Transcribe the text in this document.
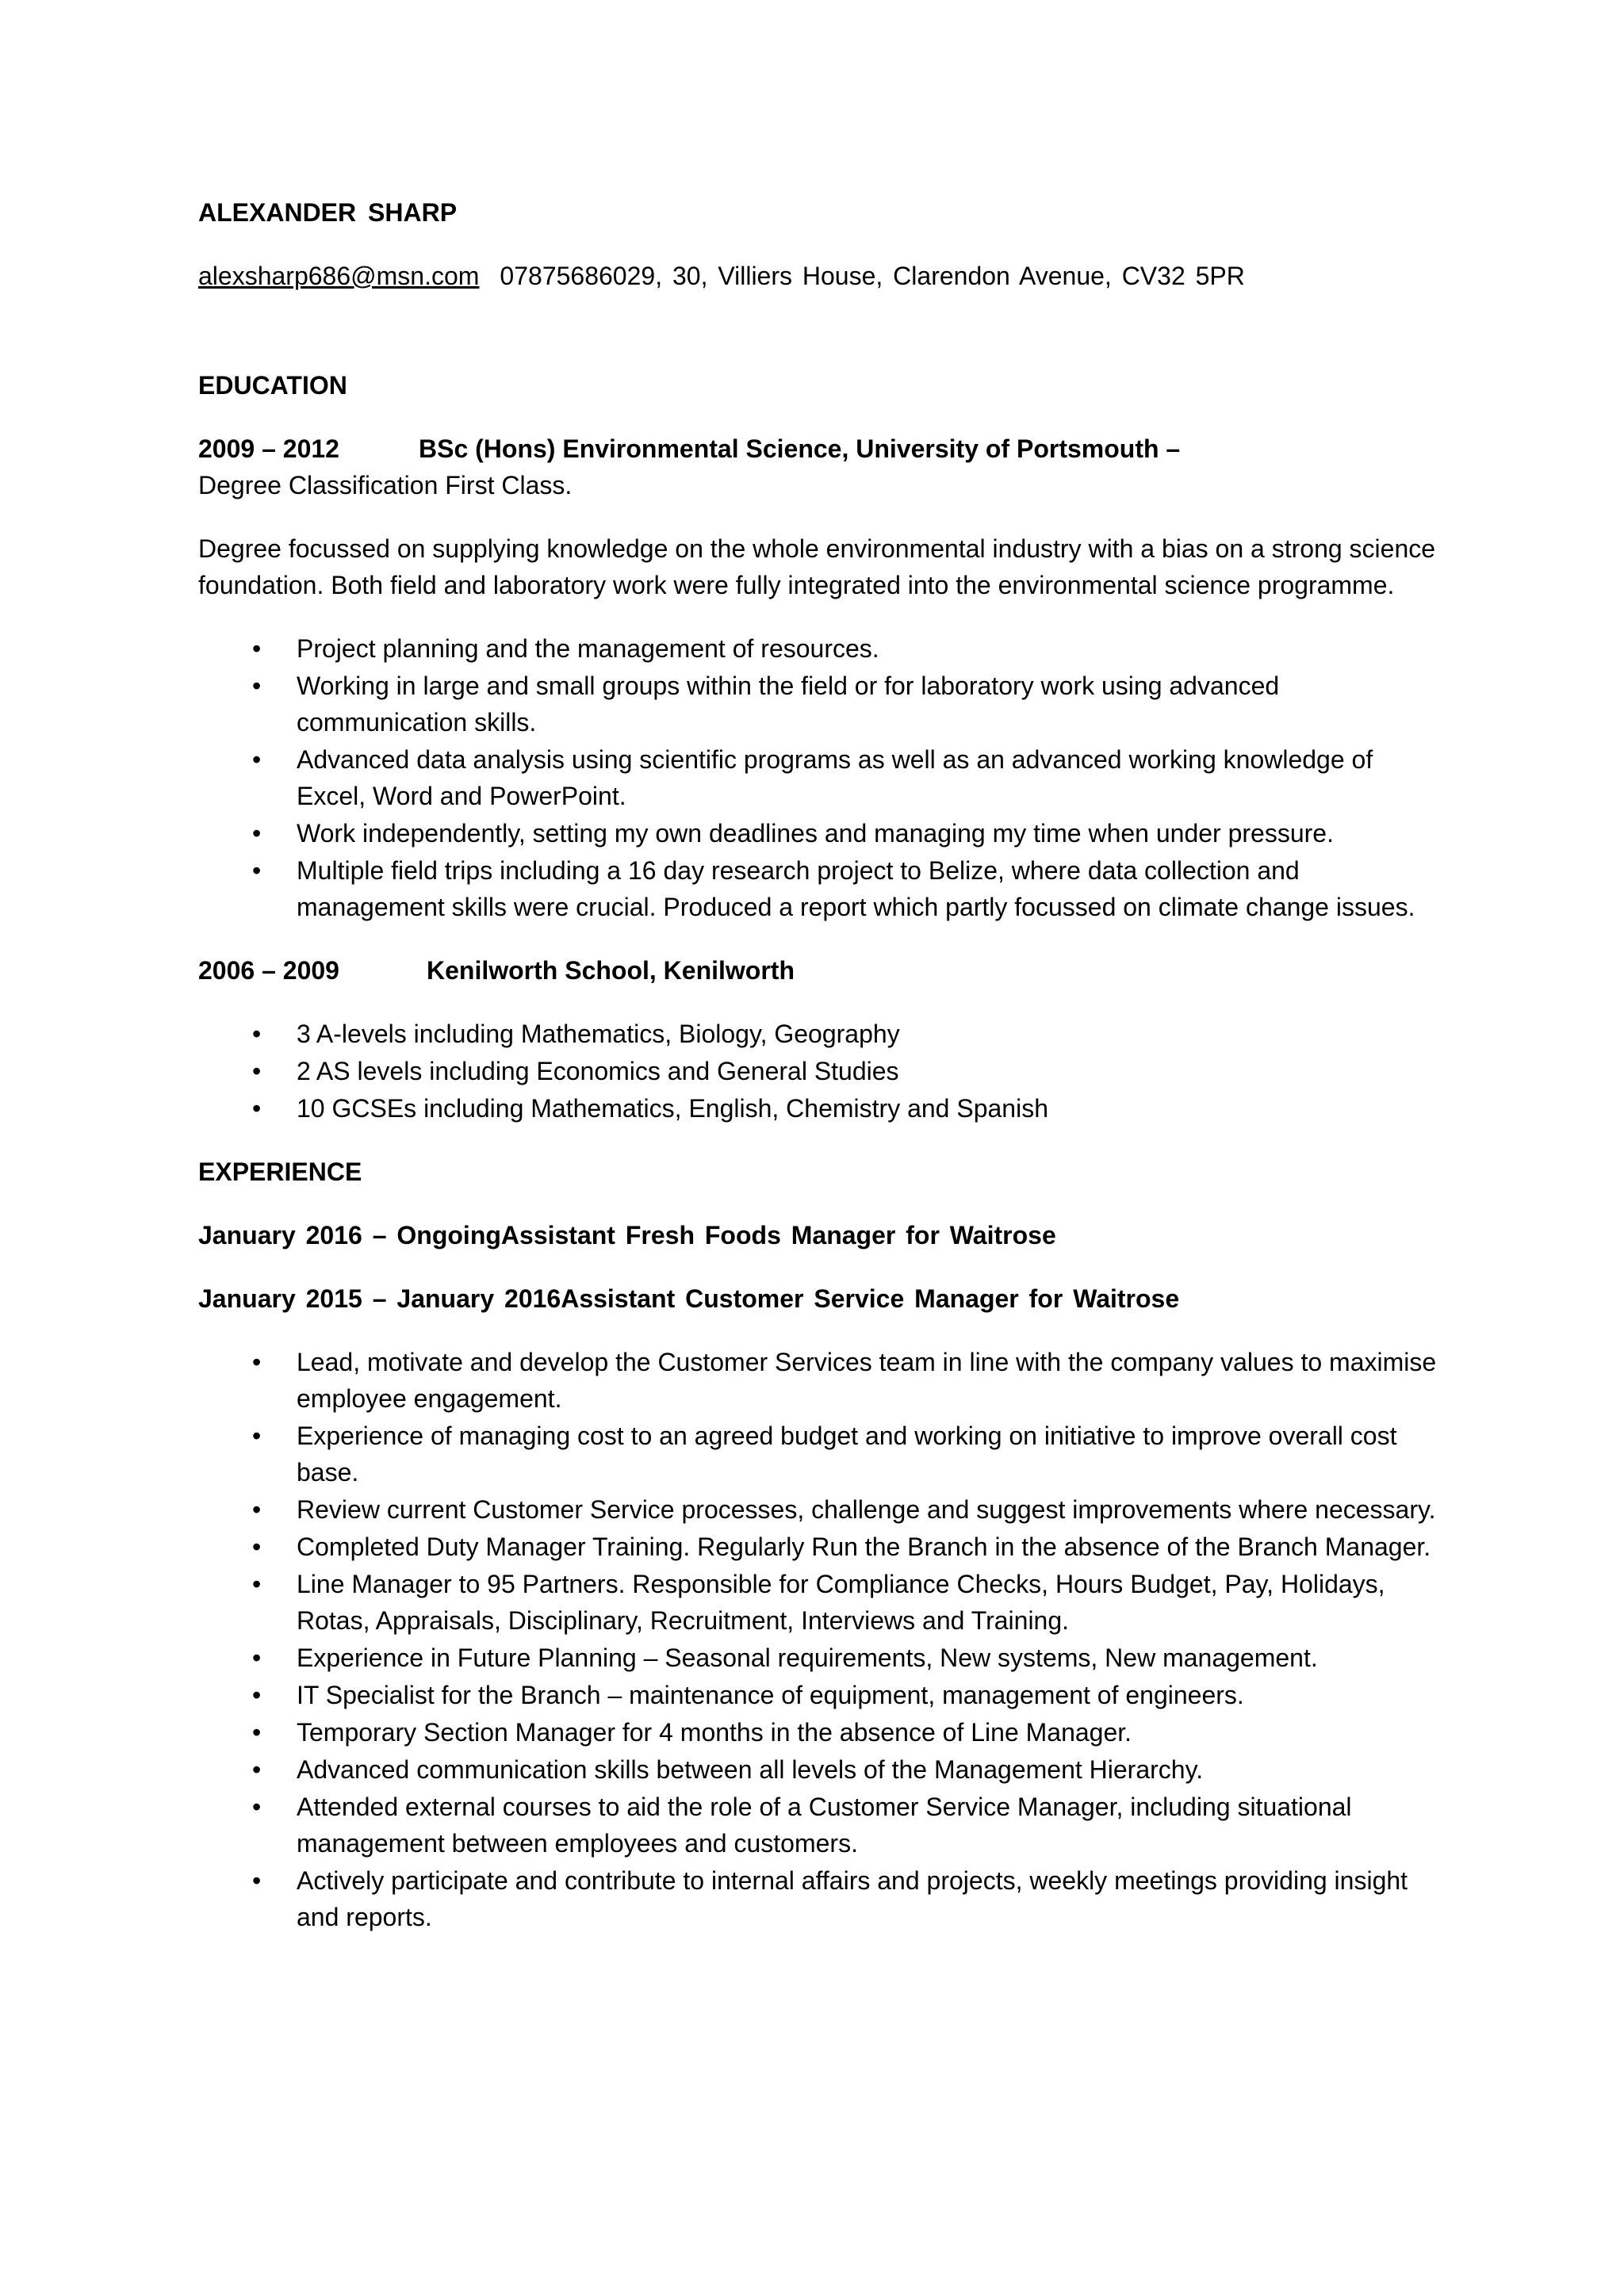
ALEXANDER SHARP

alexsharp686@msn.com 07875686029, 30, Villiers House, Clarendon Avenue, CV32 5PR

EDUCATION

2009 – 2012	BSc (Hons) Environmental Science, University of Portsmouth –
Degree Classification First Class.
Degree focussed on supplying knowledge on the whole environmental industry with a bias on a strong science foundation. Both field and laboratory work were fully integrated into the environmental science programme.
• Project planning and the management of resources.
• Working in large and small groups within the field or for laboratory work using advanced communication skills.
• Advanced data analysis using scientific programs as well as an advanced working knowledge of Excel, Word and PowerPoint.
• Work independently, setting my own deadlines and managing my time when under pressure.
• Multiple field trips including a 16 day research project to Belize, where data collection and management skills were crucial. Produced a report which partly focussed on climate change issues.
2006 – 2009	Kenilworth School, Kenilworth
• 3 A-levels including Mathematics, Biology, Geography
• 2 AS levels including Economics and General Studies
• 10 GCSEs including Mathematics, English, Chemistry and Spanish

EXPERIENCE

January 2016 – OngoingAssistant Fresh Foods Manager for Waitrose
January 2015 – January 2016Assistant Customer Service Manager for Waitrose
• Lead, motivate and develop the Customer Services team in line with the company values to maximise employee engagement.
• Experience of managing cost to an agreed budget and working on initiative to improve overall cost base.
• Review current Customer Service processes, challenge and suggest improvements where necessary.
• Completed Duty Manager Training. Regularly Run the Branch in the absence of the Branch Manager.
• Line Manager to 95 Partners. Responsible for Compliance Checks, Hours Budget, Pay, Holidays, Rotas, Appraisals, Disciplinary, Recruitment, Interviews and Training.
• Experience in Future Planning – Seasonal requirements, New systems, New management.
• IT Specialist for the Branch – maintenance of equipment, management of engineers.
• Temporary Section Manager for 4 months in the absence of Line Manager.
• Advanced communication skills between all levels of the Management Hierarchy.
• Attended external courses to aid the role of a Customer Service Manager, including situational management between employees and customers.
• Actively participate and contribute to internal affairs and projects, weekly meetings providing insight and reports.
